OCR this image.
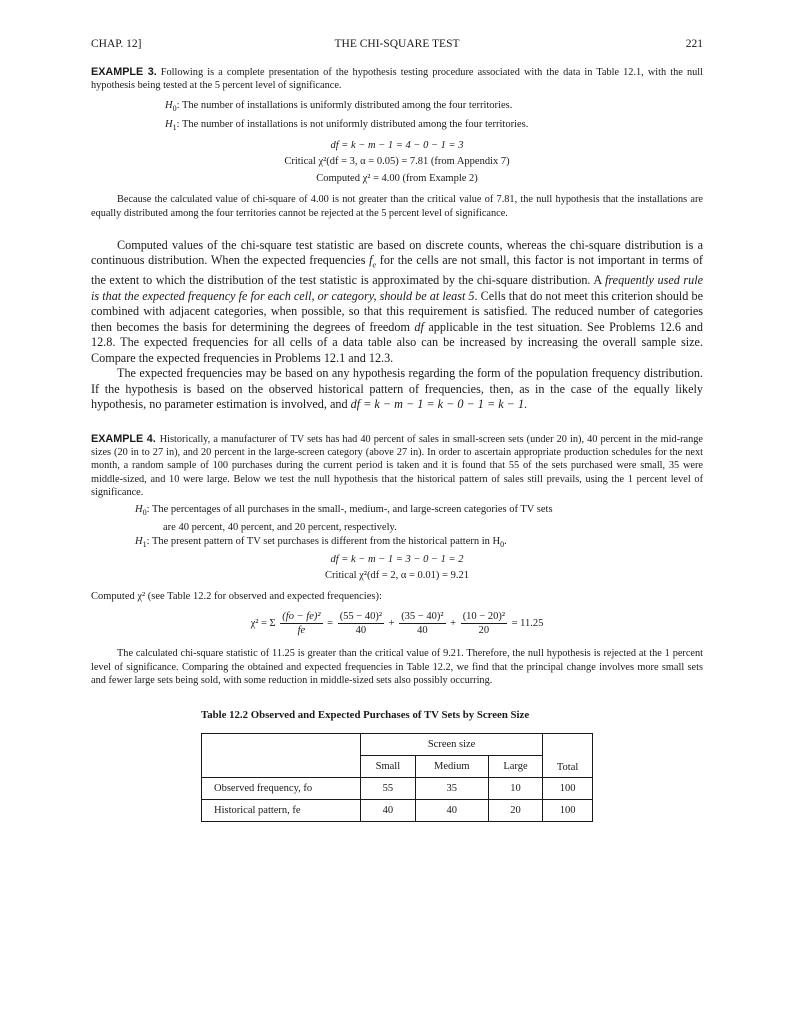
CHAP. 12]	THE CHI-SQUARE TEST	221

EXAMPLE 3. Following is a complete presentation of the hypothesis testing procedure associated with the data in Table 12.1, with the null hypothesis being tested at the 5 percent level of significance.

$H_0$: The number of installations is uniformly distributed among the four territories.
$H_1$: The number of installations is not uniformly distributed among the four territories.
df = k − m − 1 = 4 − 0 − 1 = 3
Critical χ²(df = 3, α = 0.05) = 7.81 (from Appendix 7)
Computed χ² = 4.00 (from Example 2)

Because the calculated value of chi-square of 4.00 is not greater than the critical value of 7.81, the null hypothesis that the installations are equally distributed among the four territories cannot be rejected at the 5 percent level of significance.

Computed values of the chi-square test statistic are based on discrete counts, whereas the chi-square distribution is a continuous distribution. When the expected frequencies $f_e$ for the cells are not small, this factor is not important in terms of the extent to which the distribution of the test statistic is approximated by the chi-square distribution. A frequently used rule is that the expected frequency fe for each cell, or category, should be at least 5. Cells that do not meet this criterion should be combined with adjacent categories, when possible, so that this requirement is satisfied. The reduced number of categories then becomes the basis for determining the degrees of freedom df applicable in the test situation. See Problems 12.6 and 12.8. The expected frequencies for all cells of a data table also can be increased by increasing the overall sample size. Compare the expected frequencies in Problems 12.1 and 12.3.

The expected frequencies may be based on any hypothesis regarding the form of the population frequency distribution. If the hypothesis is based on the observed historical pattern of frequencies, then, as in the case of the equally likely hypothesis, no parameter estimation is involved, and df = k − m − 1 = k − 0 − 1 = k − 1.

EXAMPLE 4. Historically, a manufacturer of TV sets has had 40 percent of sales in small-screen sets (under 20 in), 40 percent in the mid-range sizes (20 in to 27 in), and 20 percent in the large-screen category (above 27 in). In order to ascertain appropriate production schedules for the next month, a random sample of 100 purchases during the current period is taken and it is found that 55 of the sets purchased were small, 35 were middle-sized, and 10 were large. Below we test the null hypothesis that the historical pattern of sales still prevails, using the 1 percent level of significance.

$H_0$: The percentages of all purchases in the small-, medium-, and large-screen categories of TV sets
are 40 percent, 40 percent, and 20 percent, respectively.
$H_1$: The present pattern of TV set purchases is different from the historical pattern in $H_0$.
df = k − m − 1 = 3 − 0 − 1 = 2
Critical χ²(df = 2, α = 0.01) = 9.21
Computed χ² (see Table 12.2 for observed and expected frequencies):
χ² = Σ $\frac{\text{(fo − fe)²}}{fe} = \frac{\text{(55 − 40)²}}{40} + \frac{\text{(35 − 40)²}}{40} + \frac{\text{(10 − 20)²}}{20} = 11.25$

The calculated chi-square statistic of 11.25 is greater than the critical value of 9.21. Therefore, the null hypothesis is rejected at the 1 percent level of significance. Comparing the obtained and expected frequencies in Table 12.2, we find that the principal change involves more small sets and fewer large sets being sold, with some reduction in middle-sized sets also possibly occurring.

Table 12.2 Observed and Expected Purchases of TV Sets by Screen Size
	Screen size			Total
	Small	Medium	Large	
Observed frequency, fo	55	35	10	100
Historical pattern, fe	40	40	20	100
